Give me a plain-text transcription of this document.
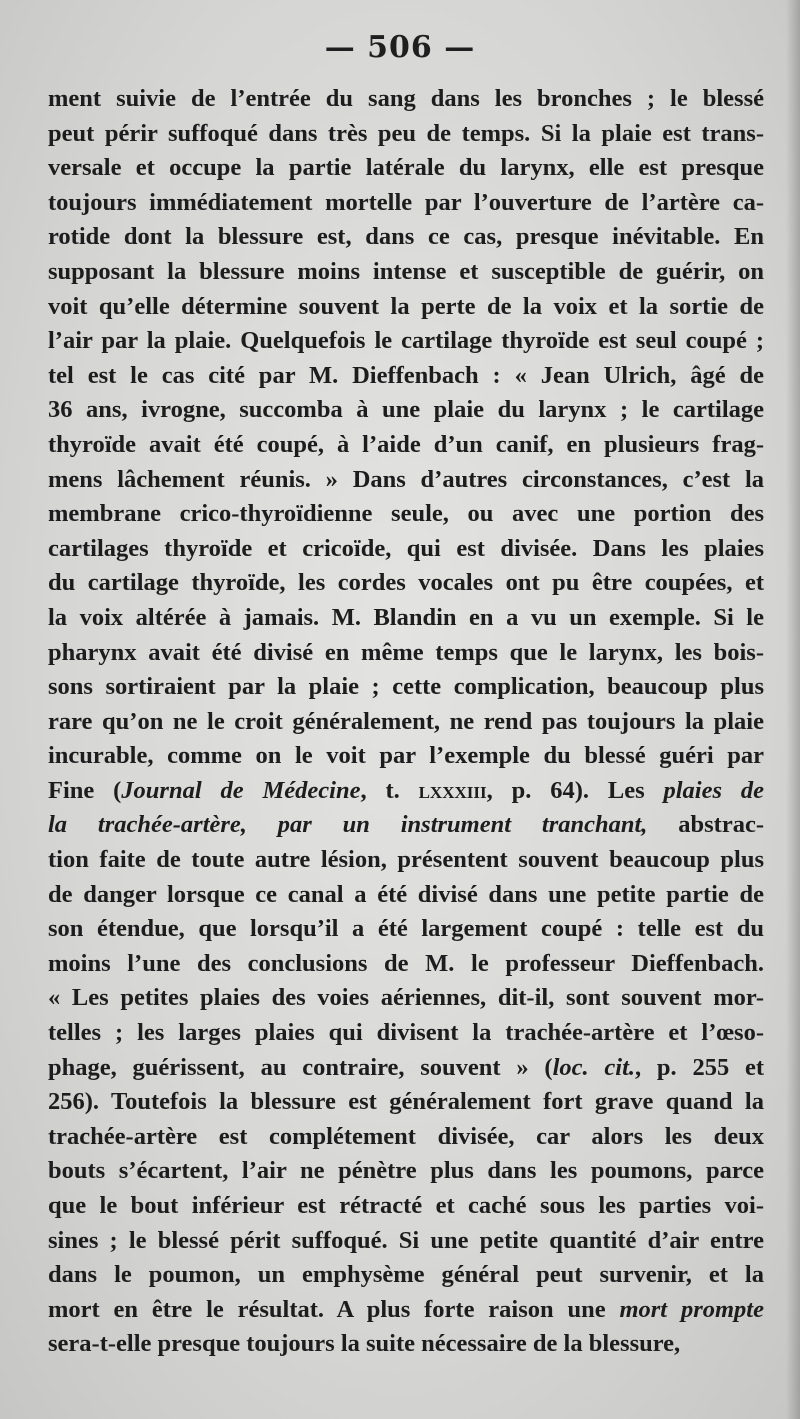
— 506 —
ment suivie de l’entrée du sang dans les bronches ; le blessé
peut périr suffoqué dans très peu de temps. Si la plaie est trans-
versale et occupe la partie latérale du larynx, elle est presque
toujours immédiatement mortelle par l’ouverture de l’artère ca-
rotide dont la blessure est, dans ce cas, presque inévitable. En
supposant la blessure moins intense et susceptible de guérir, on
voit qu’elle détermine souvent la perte de la voix et la sortie de
l’air par la plaie. Quelquefois le cartilage thyroïde est seul coupé ;
tel est le cas cité par M. Dieffenbach : « Jean Ulrich, âgé de
36 ans, ivrogne, succomba à une plaie du larynx ; le cartilage
thyroïde avait été coupé, à l’aide d’un canif, en plusieurs frag-
mens lâchement réunis. » Dans d’autres circonstances, c’est la
membrane crico-thyroïdienne seule, ou avec une portion des
cartilages thyroïde et cricoïde, qui est divisée. Dans les plaies
du cartilage thyroïde, les cordes vocales ont pu être coupées, et
la voix altérée à jamais. M. Blandin en a vu un exemple. Si le
pharynx avait été divisé en même temps que le larynx, les bois-
sons sortiraient par la plaie ; cette complication, beaucoup plus
rare qu’on ne le croit généralement, ne rend pas toujours la plaie
incurable, comme on le voit par l’exemple du blessé guéri par
Fine (Journal de Médecine, t. lxxxiii, p. 64). Les plaies de
la trachée-artère, par un instrument tranchant, abstrac-
tion faite de toute autre lésion, présentent souvent beaucoup plus
de danger lorsque ce canal a été divisé dans une petite partie de
son étendue, que lorsqu’il a été largement coupé : telle est du
moins l’une des conclusions de M. le professeur Dieffenbach.
« Les petites plaies des voies aériennes, dit-il, sont souvent mor-
telles ; les larges plaies qui divisent la trachée-artère et l’œso-
phage, guérissent, au contraire, souvent » (loc. cit., p. 255 et
256). Toutefois la blessure est généralement fort grave quand la
trachée-artère est complétement divisée, car alors les deux
bouts s’écartent, l’air ne pénètre plus dans les poumons, parce
que le bout inférieur est rétracté et caché sous les parties voi-
sines ; le blessé périt suffoqué. Si une petite quantité d’air entre
dans le poumon, un emphysème général peut survenir, et la
mort en être le résultat. A plus forte raison une mort prompte
sera-t-elle presque toujours la suite nécessaire de la blessure,
